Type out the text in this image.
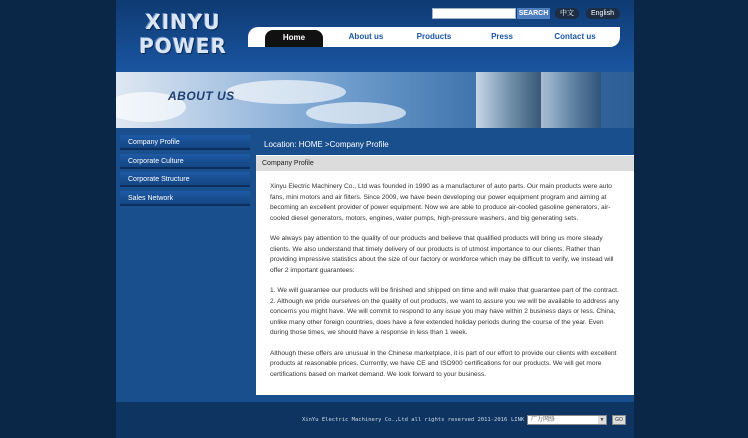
XINYU
POWER
SEARCH	中文	English
Home	About us	Products	Press	Contact us
ABOUT US
Company Profile
Corporate Culture
Corporate Structure
Sales Network
Location: HOME >Company Profile
Company Profile

Xinyu Electric Machinery Co., Ltd was founded in 1990 as a manufacturer of auto parts. Our main products were auto fans, mini motors and air filters. Since 2009, we have been developing our power equipment program and aiming at becoming an excellent provider of power equipment. Now we are able to produce air-cooled gasoline generators, air-cooled diesel generators, motors, engines, water pumps, high-pressure washers, and big generating sets.

We always pay attention to the quality of our products and believe that qualified products will bring us more steady clients. We also understand that timely delivery of our products is of utmost importance to our clients. Rather than providing impressive statistics about the size of our factory or workforce which may be difficult to verify, we instead will offer 2 important guarantees:

1. We will guarantee our products will be finished and shipped on time and will make that guarantee part of the contract.

2. Although we pride ourselves on the quality of out products, we want to assure you we will be available to address any concerns you might have. We will commit to respond to any issue you may have within 2 business days or less. China, unlike many other foreign countries, does have a few extended holiday periods during the course of the year. Even during those times, we should have a response in less than 1 week.

Although these offers are unusual in the Chinese marketplace, it is part of our effort to provide our clients with excellent products at reasonable prices. Currently, we have CE and ISO900 certifications for our products. We will get more certifications based on market demand. We look forward to your business.

XinYu Electric Machinery Co.,Ltd all rights reserved 2011-2016 LINK	广力网络	▼	GO
